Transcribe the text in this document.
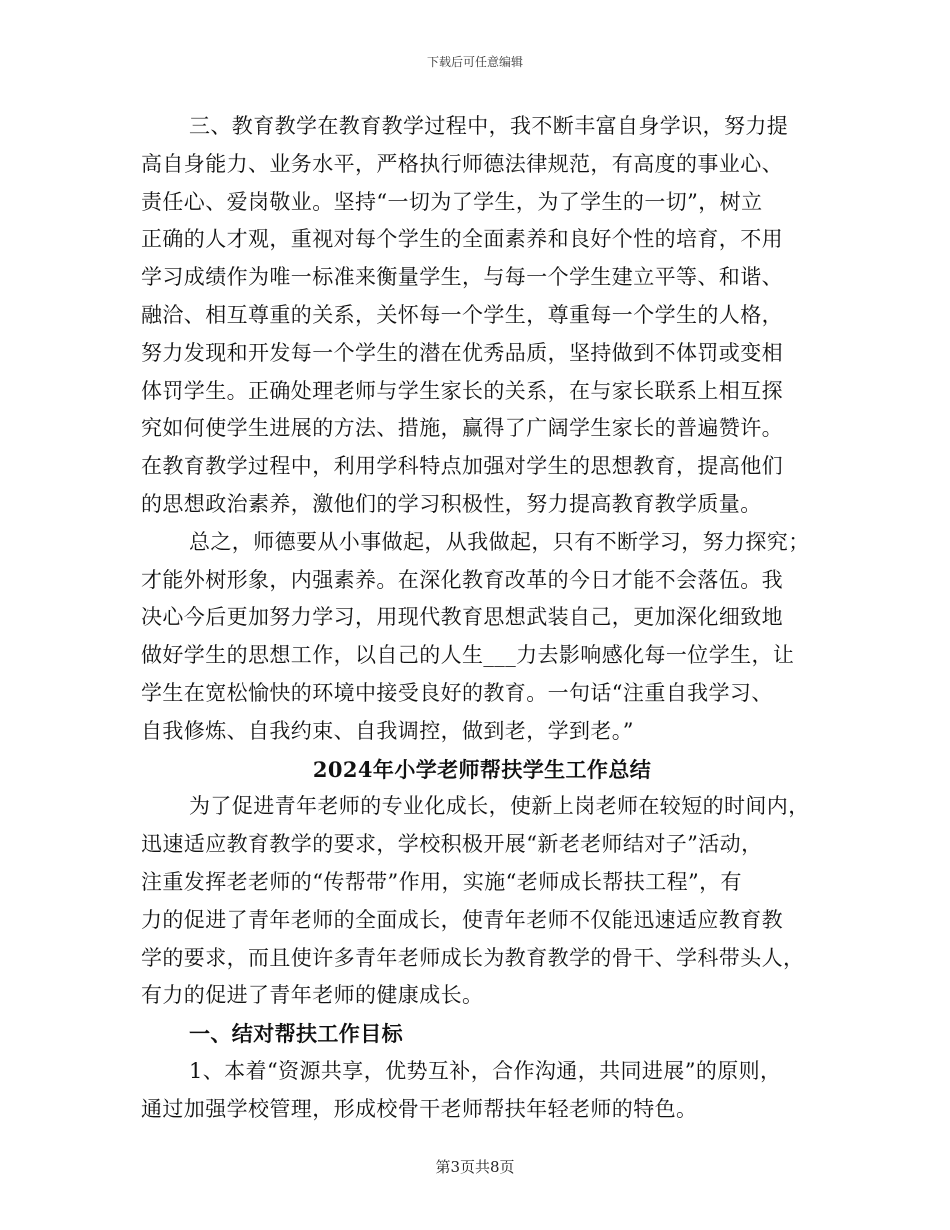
下载后可任意编辑
三、教育教学在教育教学过程中，我不断丰富自身学识，努力提
高自身能力、业务水平，严格执行师德法律规范，有高度的事业心、
责任心、爱岗敬业。坚持“一切为了学生，为了学生的一切”，树立
正确的人才观，重视对每个学生的全面素养和良好个性的培育，不用
学习成绩作为唯一标准来衡量学生，与每一个学生建立平等、和谐、
融洽、相互尊重的关系，关怀每一个学生，尊重每一个学生的人格，
努力发现和开发每一个学生的潜在优秀品质，坚持做到不体罚或变相
体罚学生。正确处理老师与学生家长的关系，在与家长联系上相互探
究如何使学生进展的方法、措施，赢得了广阔学生家长的普遍赞许。
在教育教学过程中，利用学科特点加强对学生的思想教育，提高他们
的思想政治素养，激他们的学习积极性，努力提高教育教学质量。
总之，师德要从小事做起，从我做起，只有不断学习，努力探究；
才能外树形象，内强素养。在深化教育改革的今日才能不会落伍。我
决心今后更加努力学习，用现代教育思想武装自己，更加深化细致地
做好学生的思想工作，以自己的人生___力去影响感化每一位学生，让
学生在宽松愉快的环境中接受良好的教育。一句话“注重自我学习、
自我修炼、自我约束、自我调控，做到老，学到老。”
2024年小学老师帮扶学生工作总结
为了促进青年老师的专业化成长，使新上岗老师在较短的时间内，
迅速适应教育教学的要求，学校积极开展“新老老师结对子”活动，
注重发挥老老师的“传帮带”作用，实施“老师成长帮扶工程”，有
力的促进了青年老师的全面成长，使青年老师不仅能迅速适应教育教
学的要求，而且使许多青年老师成长为教育教学的骨干、学科带头人，
有力的促进了青年老师的健康成长。
一、结对帮扶工作目标
1、本着“资源共享，优势互补，合作沟通，共同进展”的原则，
通过加强学校管理，形成校骨干老师帮扶年轻老师的特色。
第3页共8页
